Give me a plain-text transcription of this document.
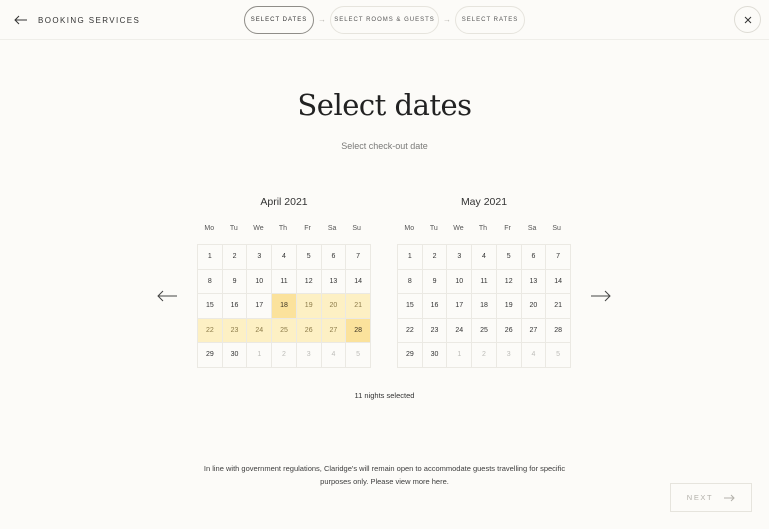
BOOKING SERVICES	SELECT DATES	→	SELECT ROOMS & GUESTS	→	SELECT RATES
Select dates
Select check-out date
April 2021
Mo	Tu	We	Th	Fr	Sa	Su
1	2	3	4	5	6	7
8	9	10	11	12	13	14
15	16	17	18	19	20	21
22	23	24	25	26	27	28
29	30	1	2	3	4	5
May 2021
Mo	Tu	We	Th	Fr	Sa	Su
1	2	3	4	5	6	7
8	9	10	11	12	13	14
15	16	17	18	19	20	21
22	23	24	25	26	27	28
29	30	1	2	3	4	5
11 nights selected
In line with government regulations, Claridge's will remain open to accommodate guests travelling for specific purposes only. Please view more here.
NEXT
